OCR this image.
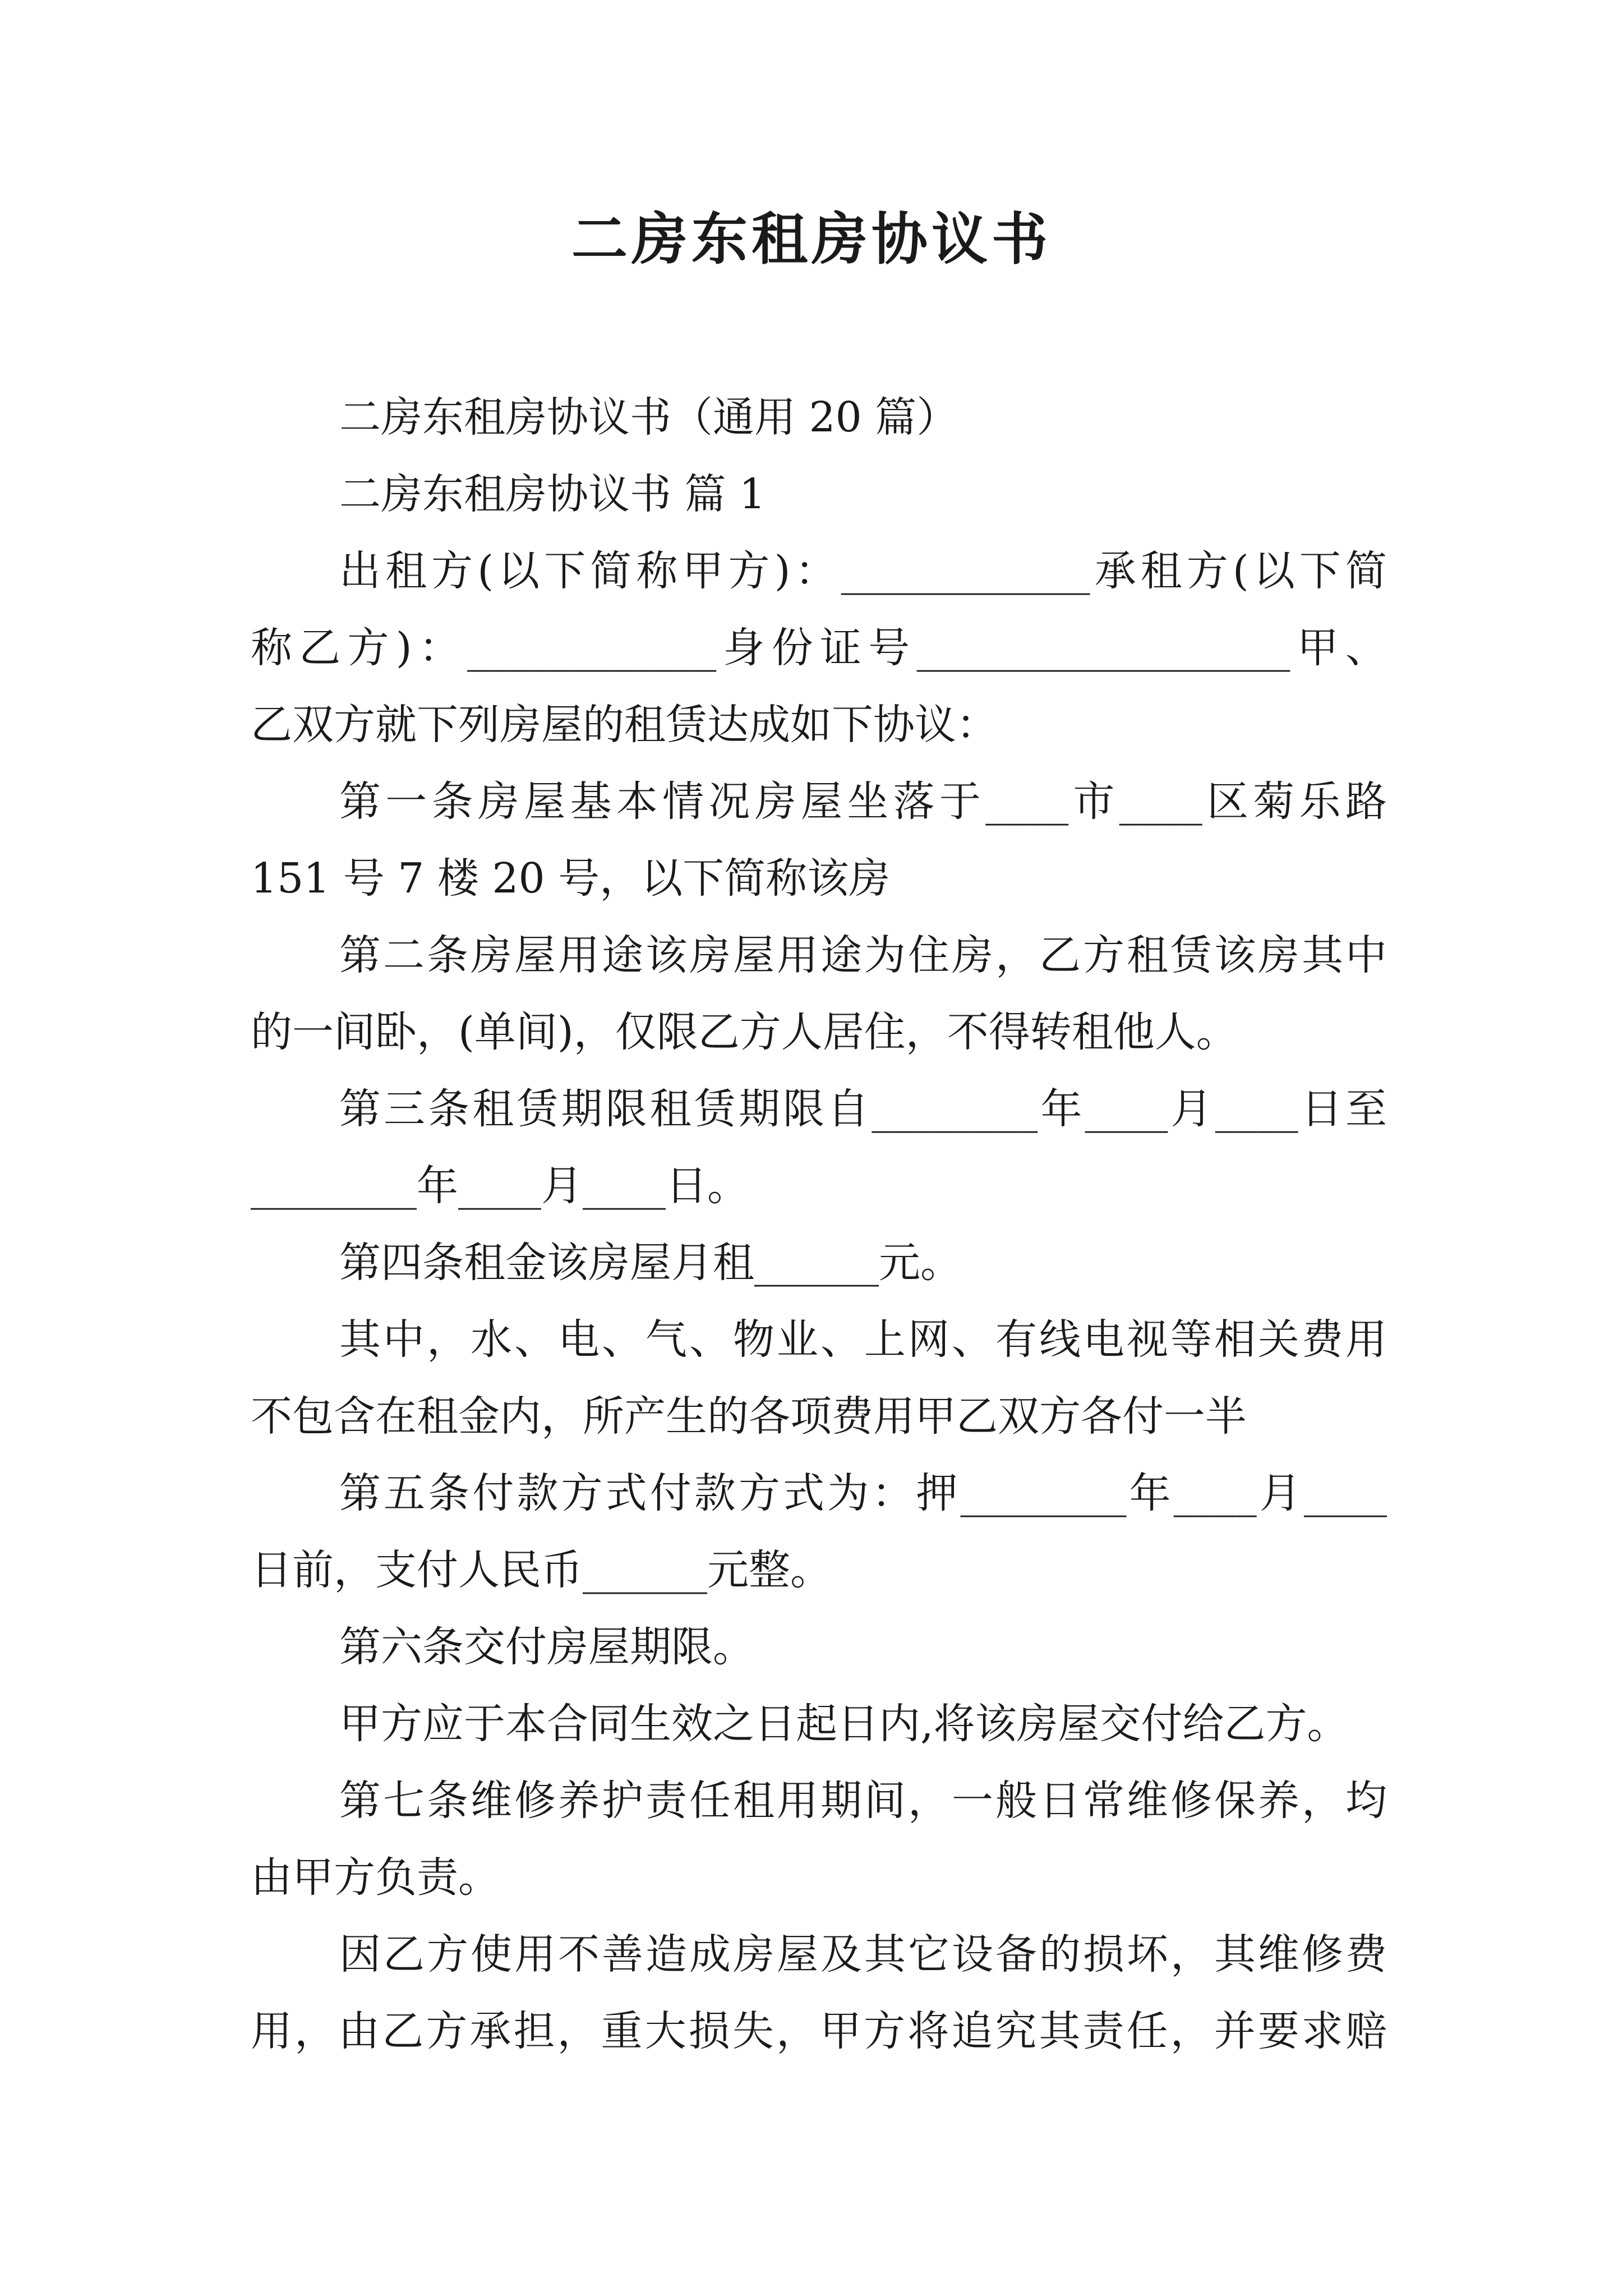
二房东租房协议书
二房东租房协议书（通用 20 篇）
二房东租房协议书 篇 1
出租方(以下简称甲方)：____________承租方(以下简
称乙方)：____________身份证号__________________甲、
乙双方就下列房屋的租赁达成如下协议：
第一条房屋基本情况房屋坐落于____市____区菊乐路
151 号 7 楼 20 号，以下简称该房
第二条房屋用途该房屋用途为住房，乙方租赁该房其中
的一间卧，(单间)，仅限乙方人居住，不得转租他人。
第三条租赁期限租赁期限自________年____月____日至
________年____月____日。
第四条租金该房屋月租______元。
其中，水、电、气、物业、上网、有线电视等相关费用
不包含在租金内，所产生的各项费用甲乙双方各付一半
第五条付款方式付款方式为：押________年____月____
日前，支付人民币______元整。
第六条交付房屋期限。
甲方应于本合同生效之日起日内,将该房屋交付给乙方。
第七条维修养护责任租用期间，一般日常维修保养，均
由甲方负责。
因乙方使用不善造成房屋及其它设备的损坏，其维修费
用，由乙方承担，重大损失，甲方将追究其责任，并要求赔
